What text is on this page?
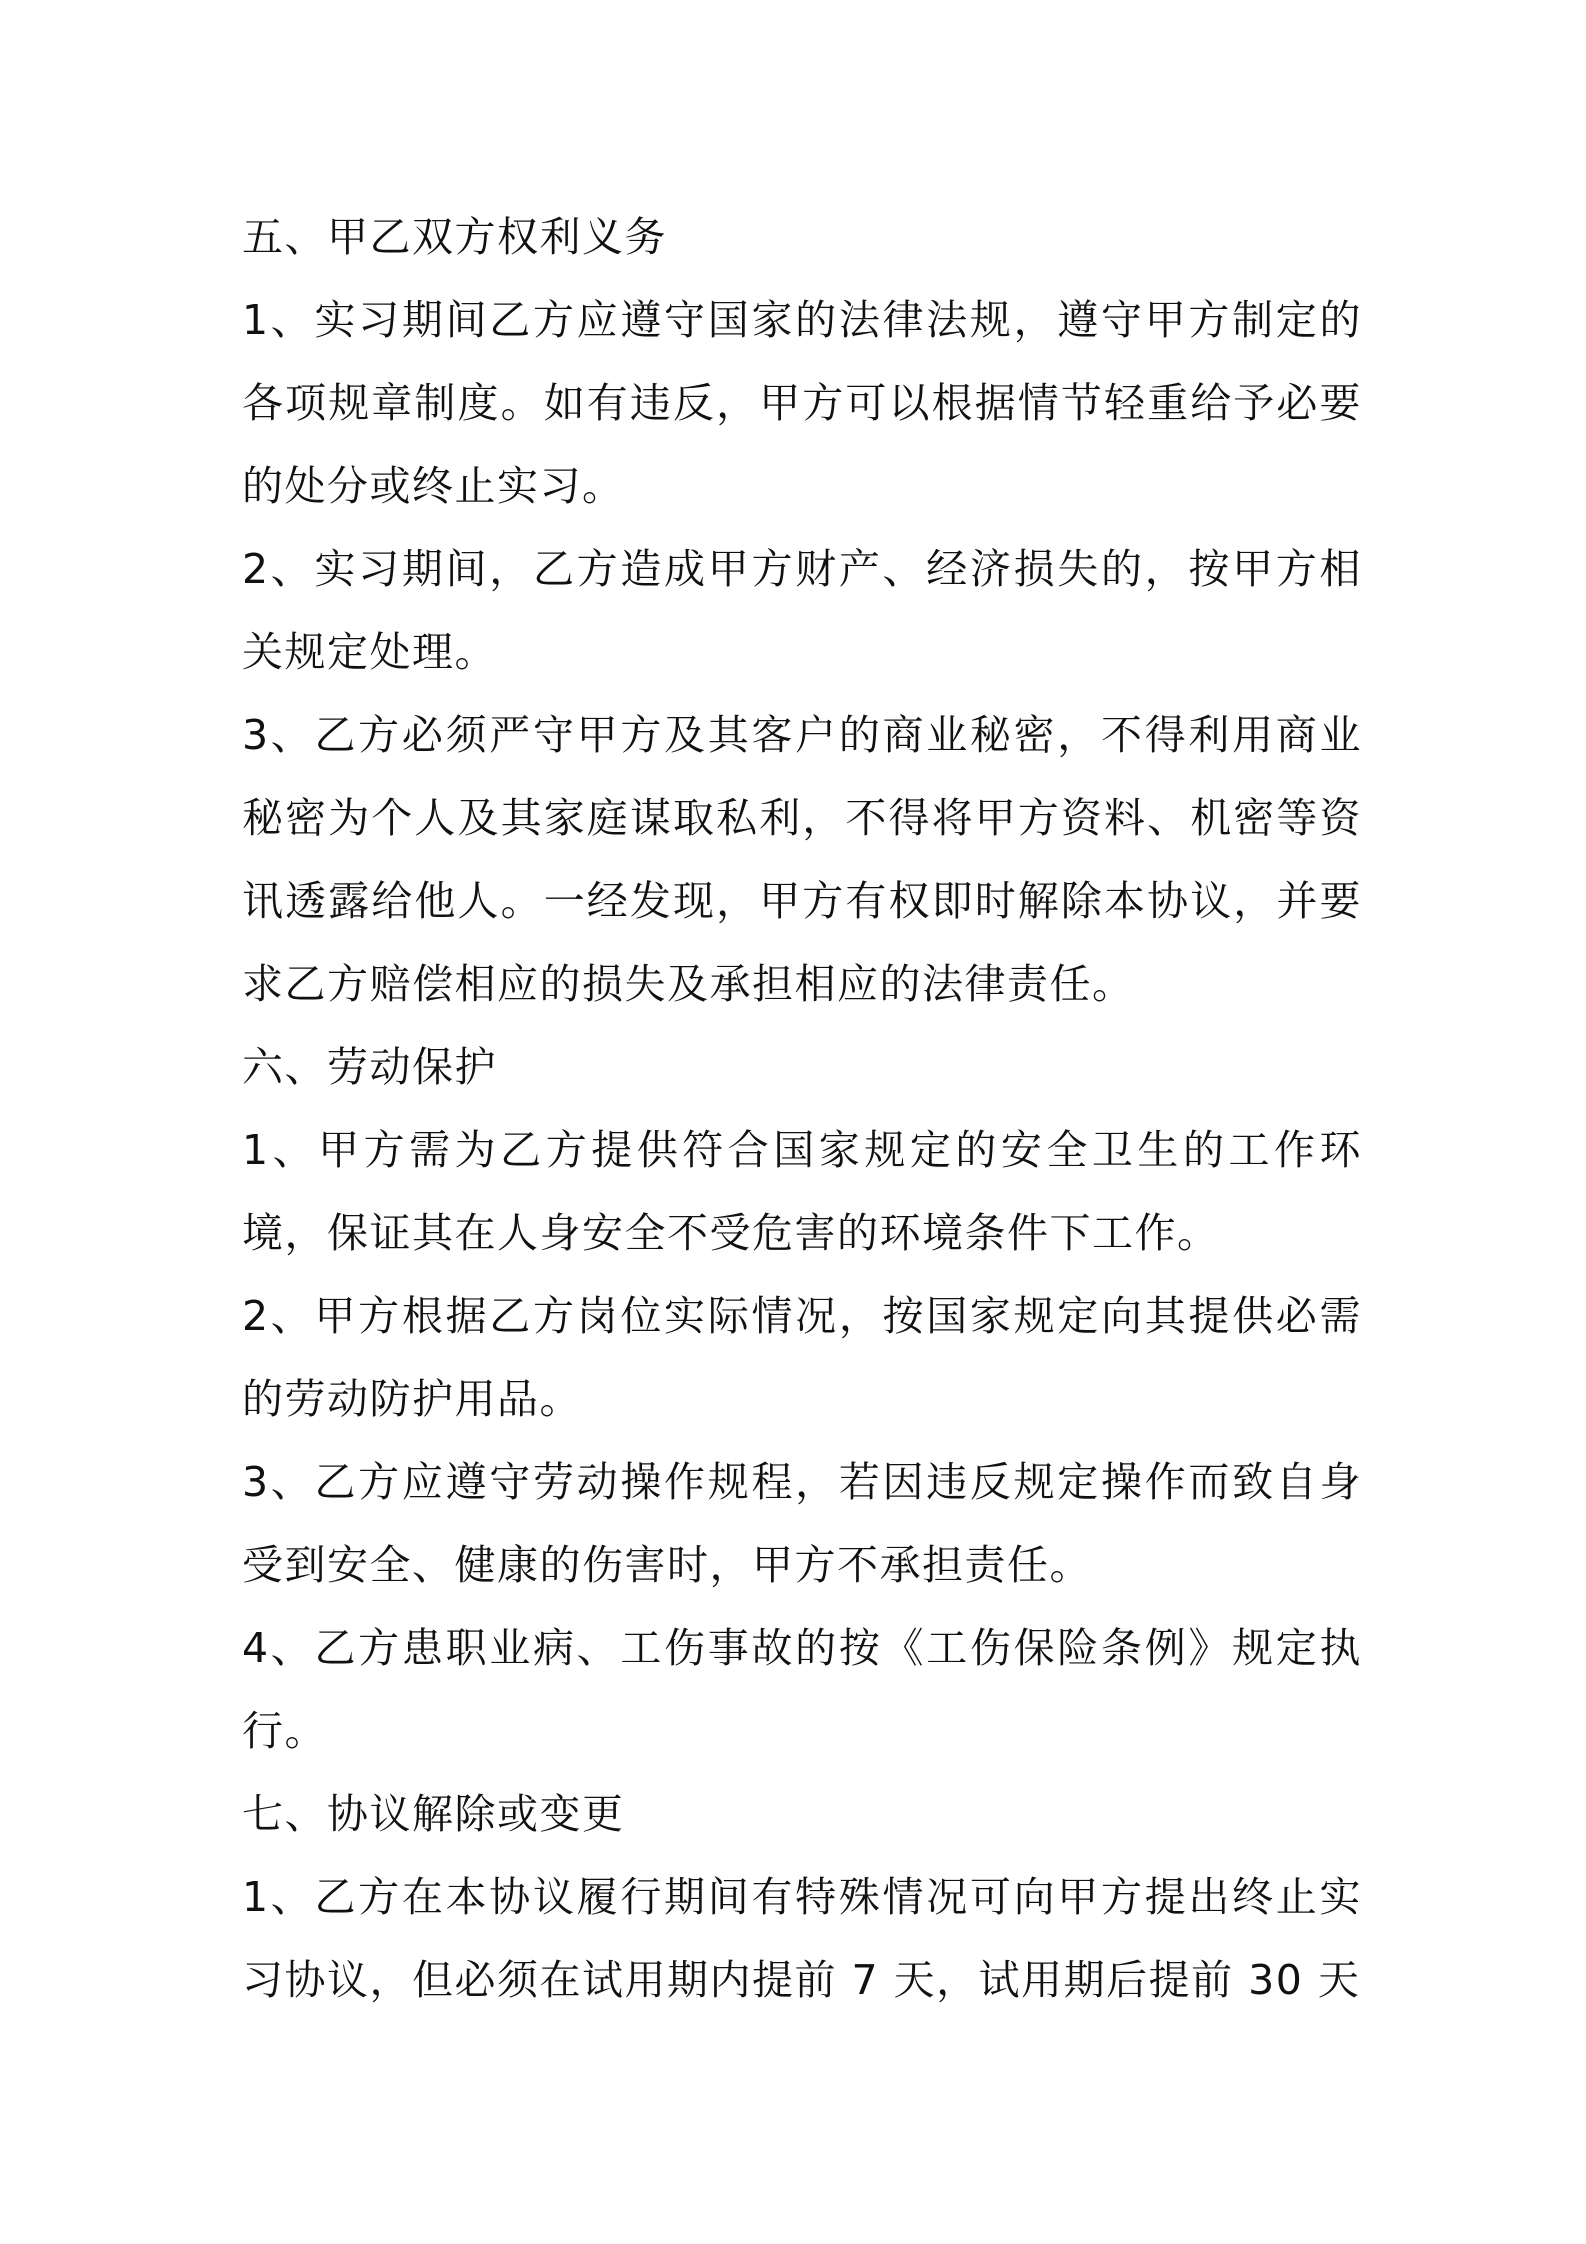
五、甲乙双方权利义务

1、实习期间乙方应遵守国家的法律法规，遵守甲方制定的各项规章制度。如有违反，甲方可以根据情节轻重给予必要的处分或终止实习。

2、实习期间，乙方造成甲方财产、经济损失的，按甲方相关规定处理。

3、乙方必须严守甲方及其客户的商业秘密，不得利用商业秘密为个人及其家庭谋取私利，不得将甲方资料、机密等资讯透露给他人。一经发现，甲方有权即时解除本协议，并要求乙方赔偿相应的损失及承担相应的法律责任。

六、劳动保护

1、甲方需为乙方提供符合国家规定的安全卫生的工作环境，保证其在人身安全不受危害的环境条件下工作。

2、甲方根据乙方岗位实际情况，按国家规定向其提供必需的劳动防护用品。

3、乙方应遵守劳动操作规程，若因违反规定操作而致自身受到安全、健康的伤害时，甲方不承担责任。

4、乙方患职业病、工伤事故的按《工伤保险条例》规定执行。

七、协议解除或变更

1、乙方在本协议履行期间有特殊情况可向甲方提出终止实习协议，但必须在试用期内提前 7 天，试用期后提前 30 天
